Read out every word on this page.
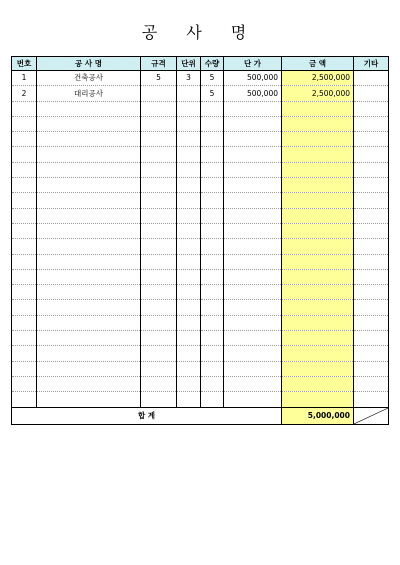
공 사 명
번호	공 사 명	규격	단위	수량	단 가	금 액	기타
1	건축공사	5	3	5	500,000	2,500,000	
2	대리공사			5	500,000	2,500,000	

합 계						5,000,000	
